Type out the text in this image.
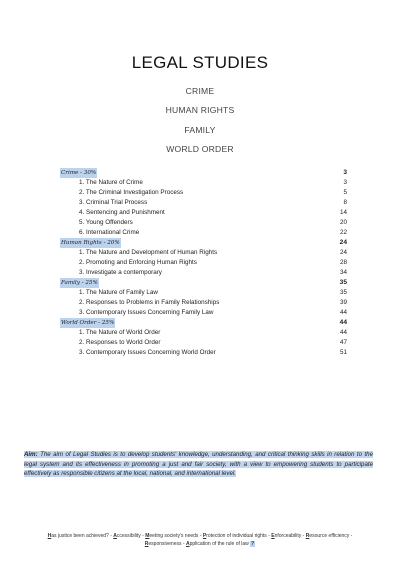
LEGAL STUDIES
CRIME
HUMAN RIGHTS
FAMILY
WORLD ORDER
Crime - 30%	3
1. The Nature of Crime	3
2. The Criminal Investigation Process	5
3. Criminal Trial Process	8
4. Sentencing and Punishment	14
5. Young Offenders	20
6. International Crime	22
Human Rights - 20%	24
1. The Nature and Development of Human Rights	24
2. Promoting and Enforcing Human Rights	28
3. Investigate a contemporary	34
Family - 25%	35
1. The Nature of Family Law	35
2. Responses to Problems in Family Relationships	39
3. Contemporary Issues Concerning Family Law	44
World Order - 25%	44
1. The Nature of World Order	44
2. Responses to World Order	47
3. Contemporary Issues Concerning World Order	51
Aim: The aim of Legal Studies is to develop students' knowledge, understanding, and critical thinking skills in relation to the legal system and its effectiveness in promoting a just and fair society, with a view to empowering students to participate effectively as responsible citizens at the local, national, and international level.
Has justice been achieved? - Accessibility - Meeting society's needs - Protection of individual rights - Enforceability - Resource efficiency - Responsiveness - Application of the rule of law ?
